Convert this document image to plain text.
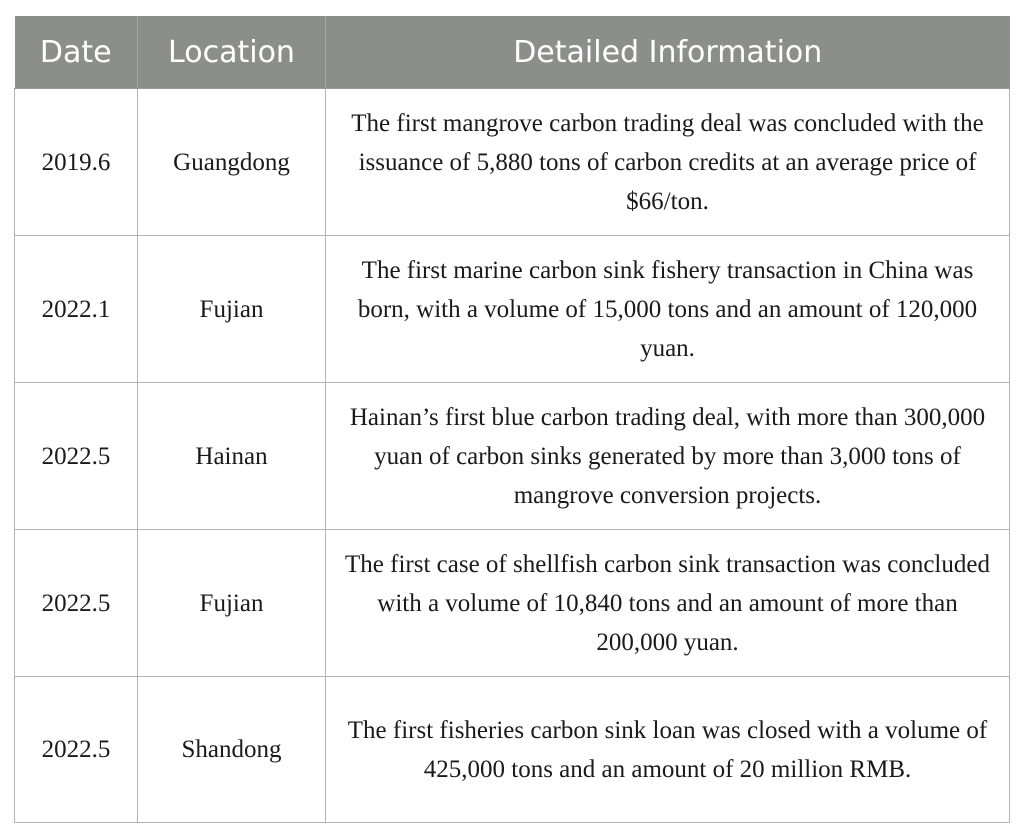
Date	Location	Detailed Information
2019.6	Guangdong	The first mangrove carbon trading deal was concluded with the issuance of 5,880 tons of carbon credits at an average price of $66/ton.
2022.1	Fujian	The first marine carbon sink fishery transaction in China was born, with a volume of 15,000 tons and an amount of 120,000 yuan.
2022.5	Hainan	Hainan’s first blue carbon trading deal, with more than 300,000 yuan of carbon sinks generated by more than 3,000 tons of mangrove conversion projects.
2022.5	Fujian	The first case of shellfish carbon sink transaction was concluded with a volume of 10,840 tons and an amount of more than 200,000 yuan.
2022.5	Shandong	The first fisheries carbon sink loan was closed with a volume of 425,000 tons and an amount of 20 million RMB.
